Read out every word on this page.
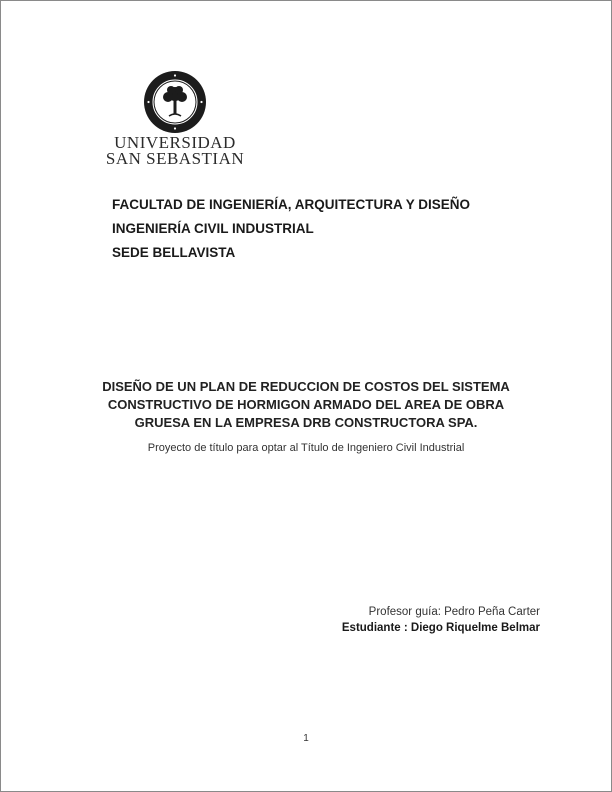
UNIVERSIDAD
SAN SEBASTIAN
FACULTAD DE INGENIERÍA, ARQUITECTURA Y DISEÑO
INGENIERÍA CIVIL INDUSTRIAL
SEDE BELLAVISTA
DISEÑO DE UN PLAN DE REDUCCION DE COSTOS DEL SISTEMA
CONSTRUCTIVO DE HORMIGON ARMADO DEL AREA DE OBRA
GRUESA EN LA EMPRESA DRB CONSTRUCTORA SPA.
Proyecto de título para optar al Título de Ingeniero Civil Industrial
Profesor guía: Pedro Peña Carter
Estudiante : Diego Riquelme Belmar
1
